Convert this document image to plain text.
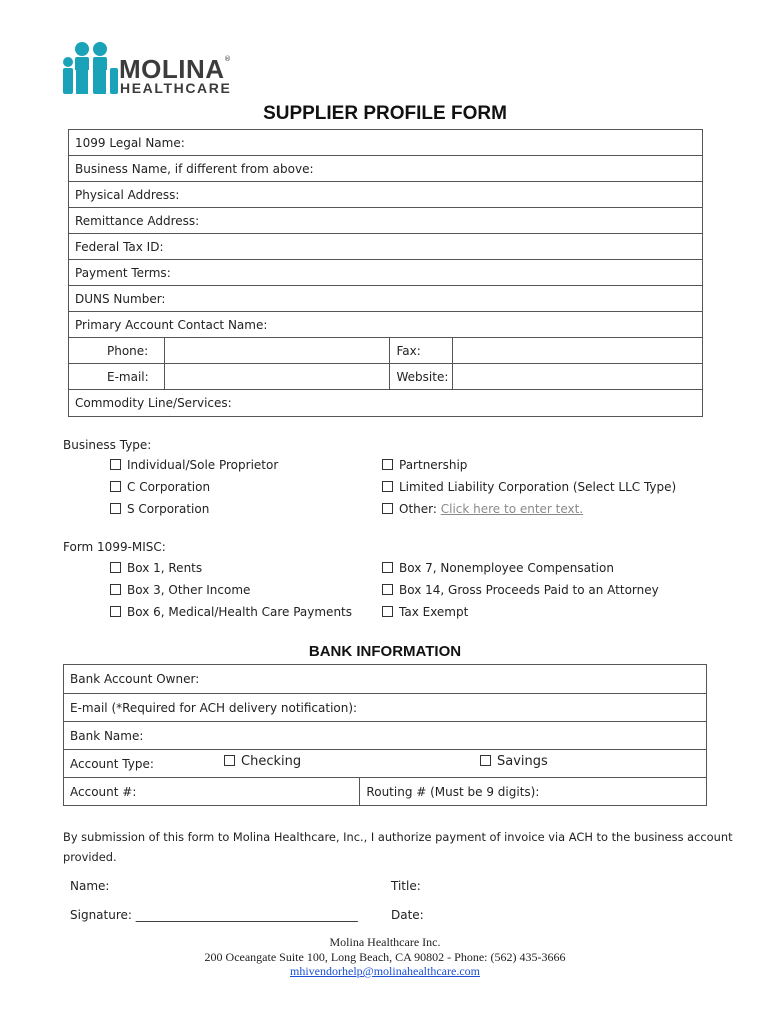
MOLINA ®
HEALTHCARE
SUPPLIER PROFILE FORM
1099 Legal Name:			
Business Name, if different from above:			
Physical Address:			
Remittance Address:			
Federal Tax ID:			
Payment Terms:			
DUNS Number:			
Primary Account Contact Name:			
Phone:		Fax:	
E-mail:		Website:	
Commodity Line/Services:			
Business Type:
Individual/Sole Proprietor	Partnership
C Corporation	Limited Liability Corporation (Select LLC Type)
S Corporation	Other: Click here to enter text.
Form 1099-MISC:
Box 1, Rents	Box 7, Nonemployee Compensation
Box 3, Other Income	Box 14, Gross Proceeds Paid to an Attorney
Box 6, Medical/Health Care Payments	Tax Exempt
BANK INFORMATION
Bank Account Owner:
E-mail (*Required for ACH delivery notification):
Bank Name:
Account Type:	Checking	Savings

Account #:	Routing # (Must be 9 digits):
By submission of this form to Molina Healthcare, Inc., I authorize payment of invoice via ACH to the business account
provided.
Name:	Title:
Signature: _____________________________________	Date:
Molina Healthcare Inc.
200 Oceangate Suite 100, Long Beach, CA 90802 - Phone: (562) 435-3666
mhivendorhelp@molinahealthcare.com
